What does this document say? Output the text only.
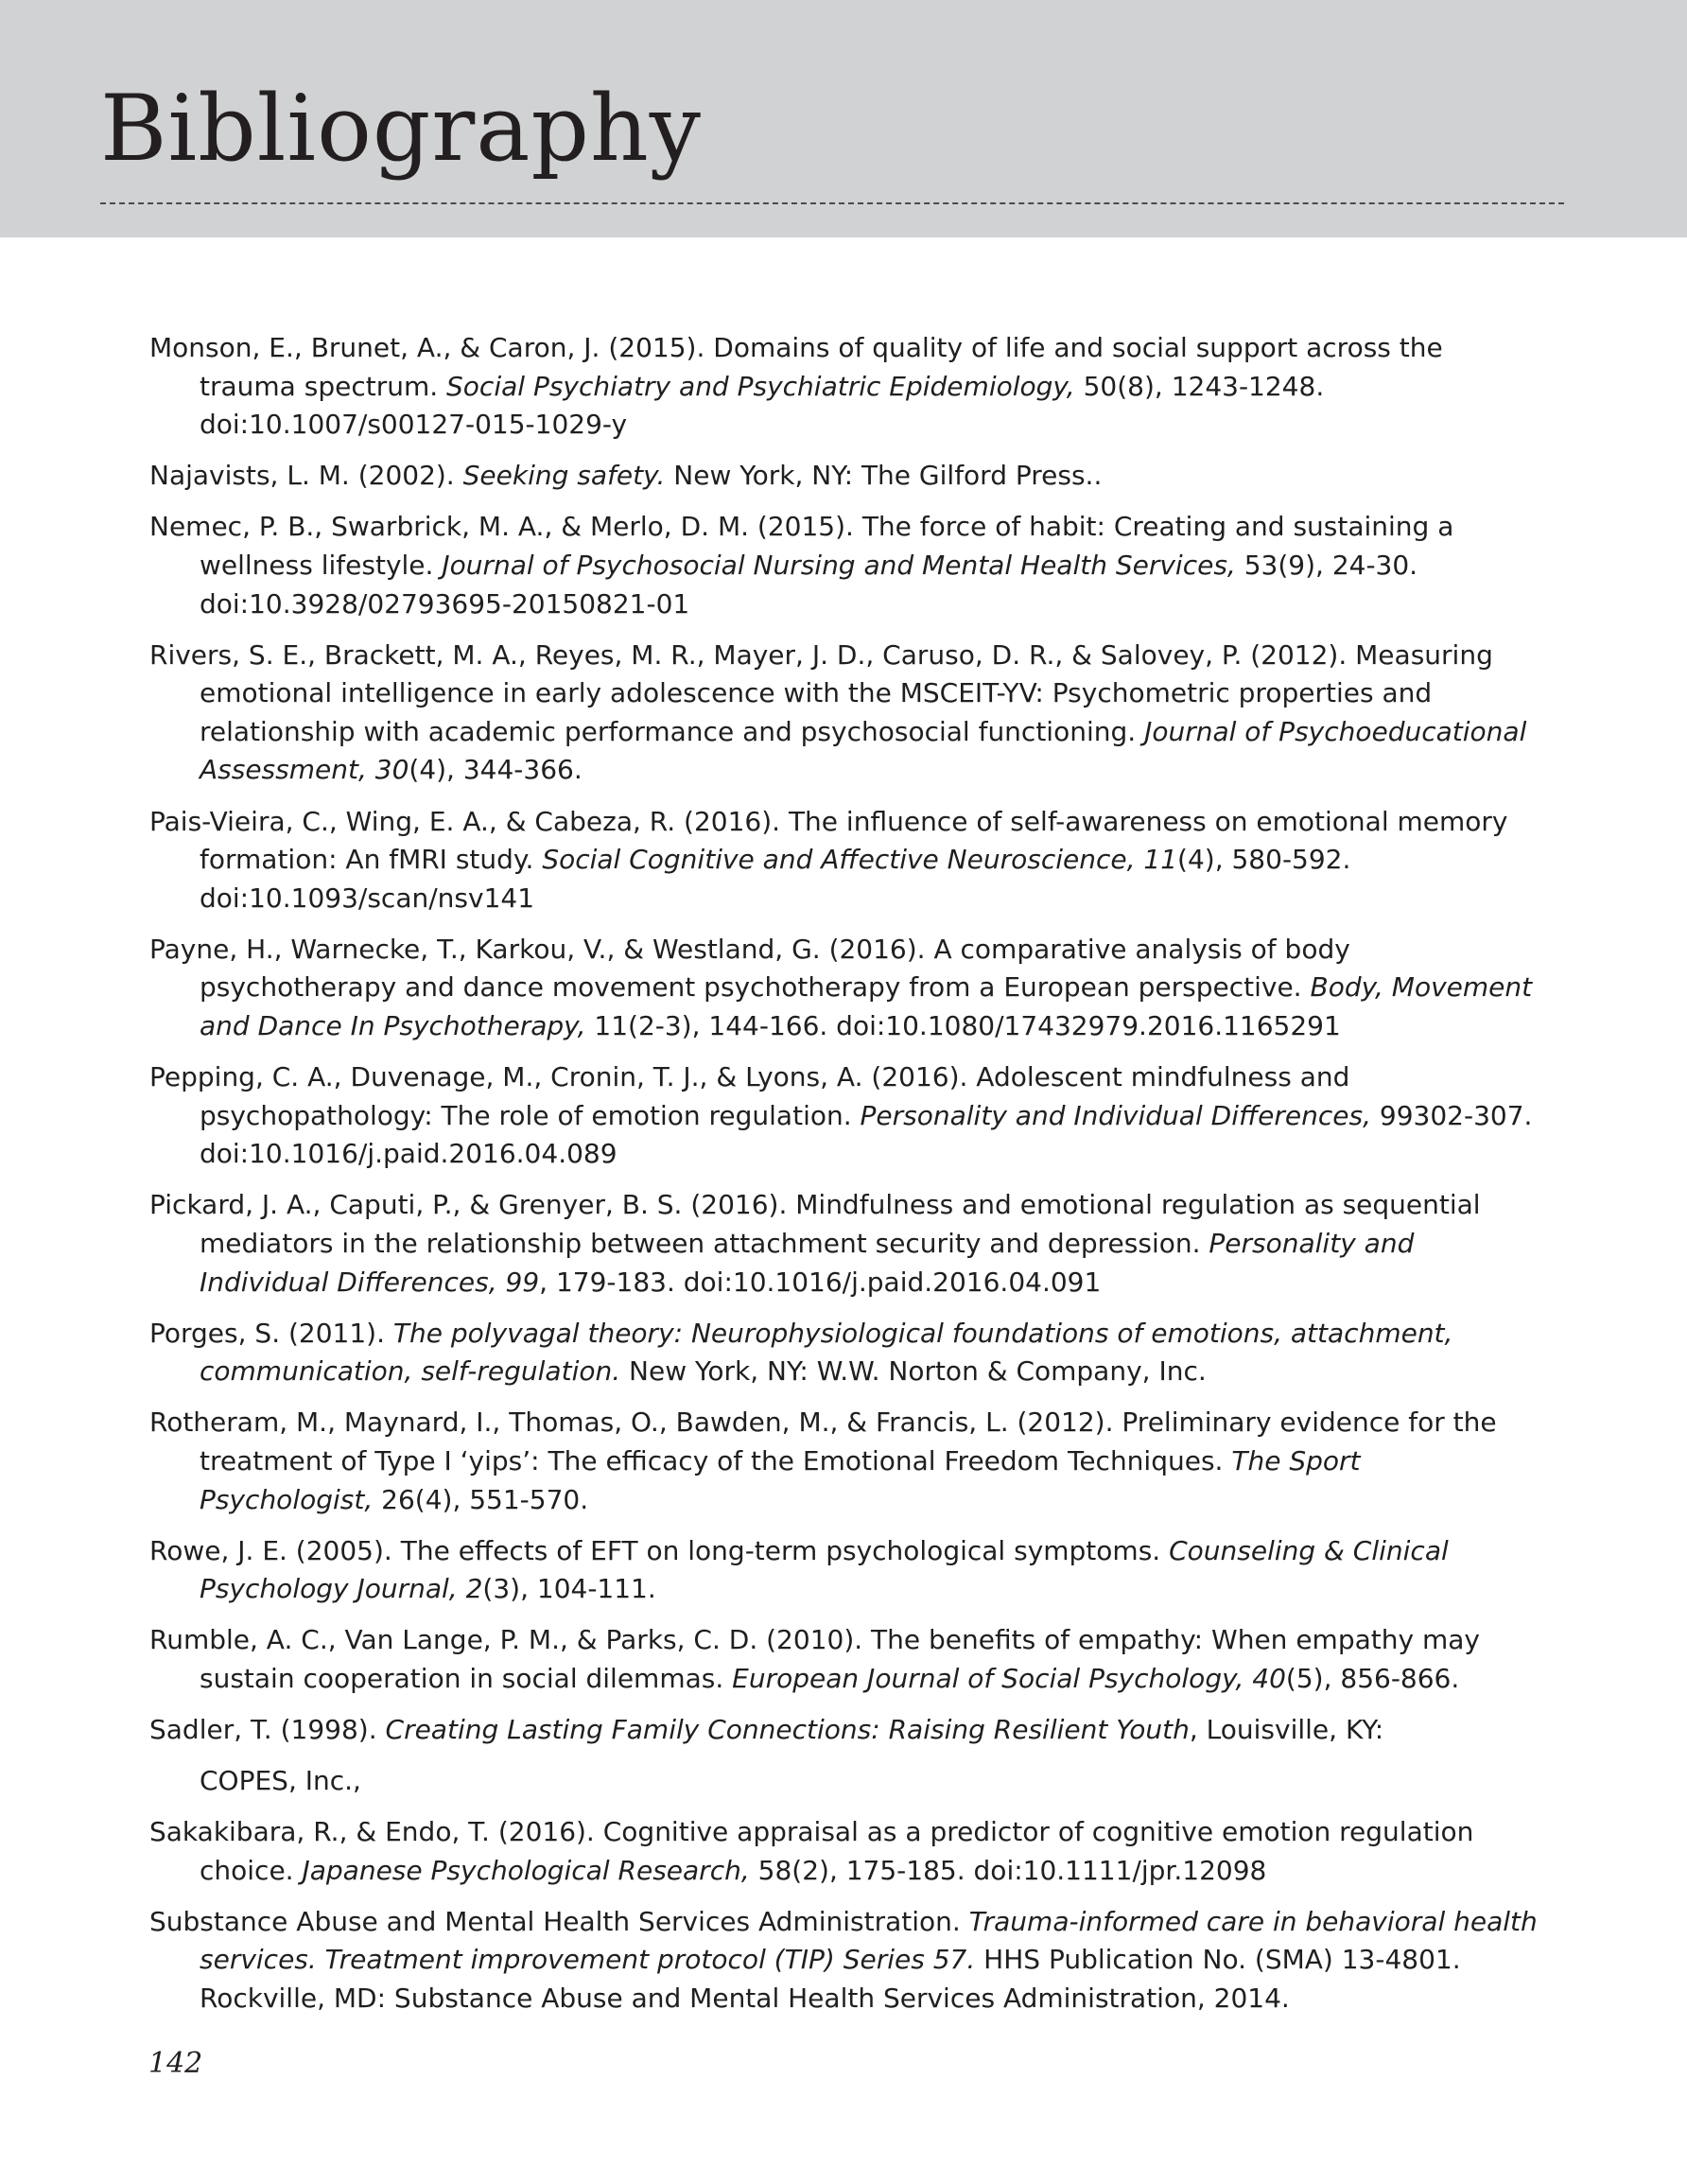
Bibliography
Monson, E., Brunet, A., & Caron, J. (2015). Domains of quality of life and social support across the trauma spectrum. Social Psychiatry and Psychiatric Epidemiology, 50(8), 1243-1248. doi:10.1007/s00127-015-1029-y
Najavists, L. M. (2002). Seeking safety. New York, NY: The Gilford Press..
Nemec, P. B., Swarbrick, M. A., & Merlo, D. M. (2015). The force of habit: Creating and sustaining a wellness lifestyle. Journal of Psychosocial Nursing and Mental Health Services, 53(9), 24-30. doi:10.3928/02793695-20150821-01
Rivers, S. E., Brackett, M. A., Reyes, M. R., Mayer, J. D., Caruso, D. R., & Salovey, P. (2012). Measuring emotional intelligence in early adolescence with the MSCEIT-YV: Psychometric properties and relationship with academic performance and psychosocial functioning. Journal of Psychoeducational Assessment, 30(4), 344-366.
Pais-Vieira, C., Wing, E. A., & Cabeza, R. (2016). The influence of self-awareness on emotional memory formation: An fMRI study. Social Cognitive and Affective Neuroscience, 11(4), 580-592. doi:10.1093/scan/nsv141
Payne, H., Warnecke, T., Karkou, V., & Westland, G. (2016). A comparative analysis of body psychotherapy and dance movement psychotherapy from a European perspective. Body, Movement and Dance In Psychotherapy, 11(2-3), 144-166. doi:10.1080/17432979.2016.1165291
Pepping, C. A., Duvenage, M., Cronin, T. J., & Lyons, A. (2016). Adolescent mindfulness and psychopathology: The role of emotion regulation. Personality and Individual Differences, 99302-307. doi:10.1016/j.paid.2016.04.089
Pickard, J. A., Caputi, P., & Grenyer, B. S. (2016). Mindfulness and emotional regulation as sequential mediators in the relationship between attachment security and depression. Personality and Individual Differences, 99, 179-183. doi:10.1016/j.paid.2016.04.091
Porges, S. (2011). The polyvagal theory: Neurophysiological foundations of emotions, attachment, communication, self-regulation. New York, NY: W.W. Norton & Company, Inc.
Rotheram, M., Maynard, I., Thomas, O., Bawden, M., & Francis, L. (2012). Preliminary evidence for the treatment of Type I ‘yips’: The efficacy of the Emotional Freedom Techniques. The Sport Psychologist, 26(4), 551-570.
Rowe, J. E. (2005). The effects of EFT on long-term psychological symptoms. Counseling & Clinical Psychology Journal, 2(3), 104-111.
Rumble, A. C., Van Lange, P. M., & Parks, C. D. (2010). The benefits of empathy: When empathy may sustain cooperation in social dilemmas. European Journal of Social Psychology, 40(5), 856-866.
Sadler, T. (1998). Creating Lasting Family Connections: Raising Resilient Youth, Louisville, KY:
COPES, Inc.,
Sakakibara, R., & Endo, T. (2016). Cognitive appraisal as a predictor of cognitive emotion regulation choice. Japanese Psychological Research, 58(2), 175-185. doi:10.1111/jpr.12098
Substance Abuse and Mental Health Services Administration. Trauma-informed care in behavioral health services. Treatment improvement protocol (TIP) Series 57. HHS Publication No. (SMA) 13-4801. Rockville, MD: Substance Abuse and Mental Health Services Administration, 2014.
142
